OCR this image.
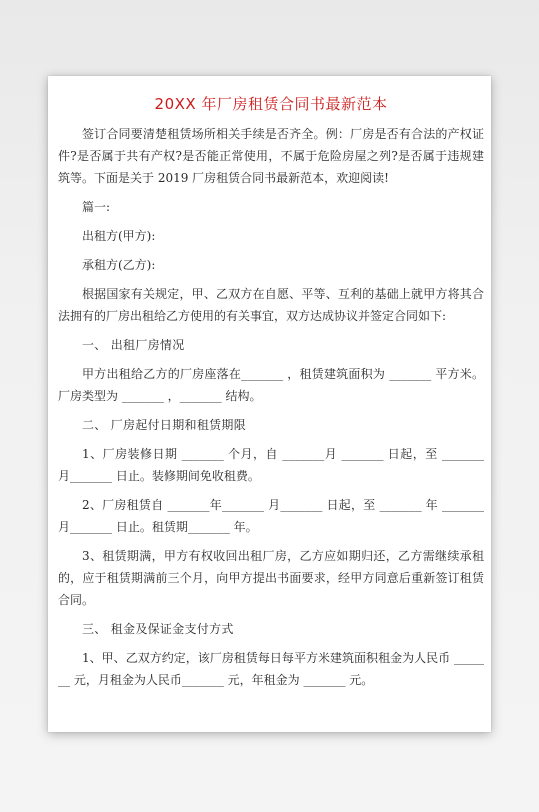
20XX 年厂房租赁合同书最新范本

签订合同要清楚租赁场所相关手续是否齐全。例：厂房是否有合法的产权证件?是否属于共有产权?是否能正常使用，不属于危险房屋之列?是否属于违规建筑等。下面是关于 2019 厂房租赁合同书最新范本，欢迎阅读!

篇一:

出租方(甲方):

承租方(乙方):

根据国家有关规定，甲、乙双方在自愿、平等、互利的基础上就甲方将其合法拥有的厂房出租给乙方使用的有关事宜，双方达成协议并签定合同如下:

一、 出租厂房情况

甲方出租给乙方的厂房座落在_______ ，租赁建筑面积为 _______ 平方米。厂房类型为 _______ ，_______ 结构。

二、 厂房起付日期和租赁期限

1、厂房装修日期 _______ 个月，自 _______月 _______ 日起，至 _______ 月_______ 日止。装修期间免收租费。

2、厂房租赁自 _______年_______ 月_______ 日起，至 _______ 年 _______ 月_______ 日止。租赁期_______ 年。

3、租赁期满，甲方有权收回出租厂房，乙方应如期归还，乙方需继续承租的，应于租赁期满前三个月，向甲方提出书面要求，经甲方同意后重新签订租赁合同。

三、 租金及保证金支付方式

1、甲、乙双方约定，该厂房租赁每日每平方米建筑面积租金为人民币 _______ 元，月租金为人民币_______ 元，年租金为 _______ 元。
